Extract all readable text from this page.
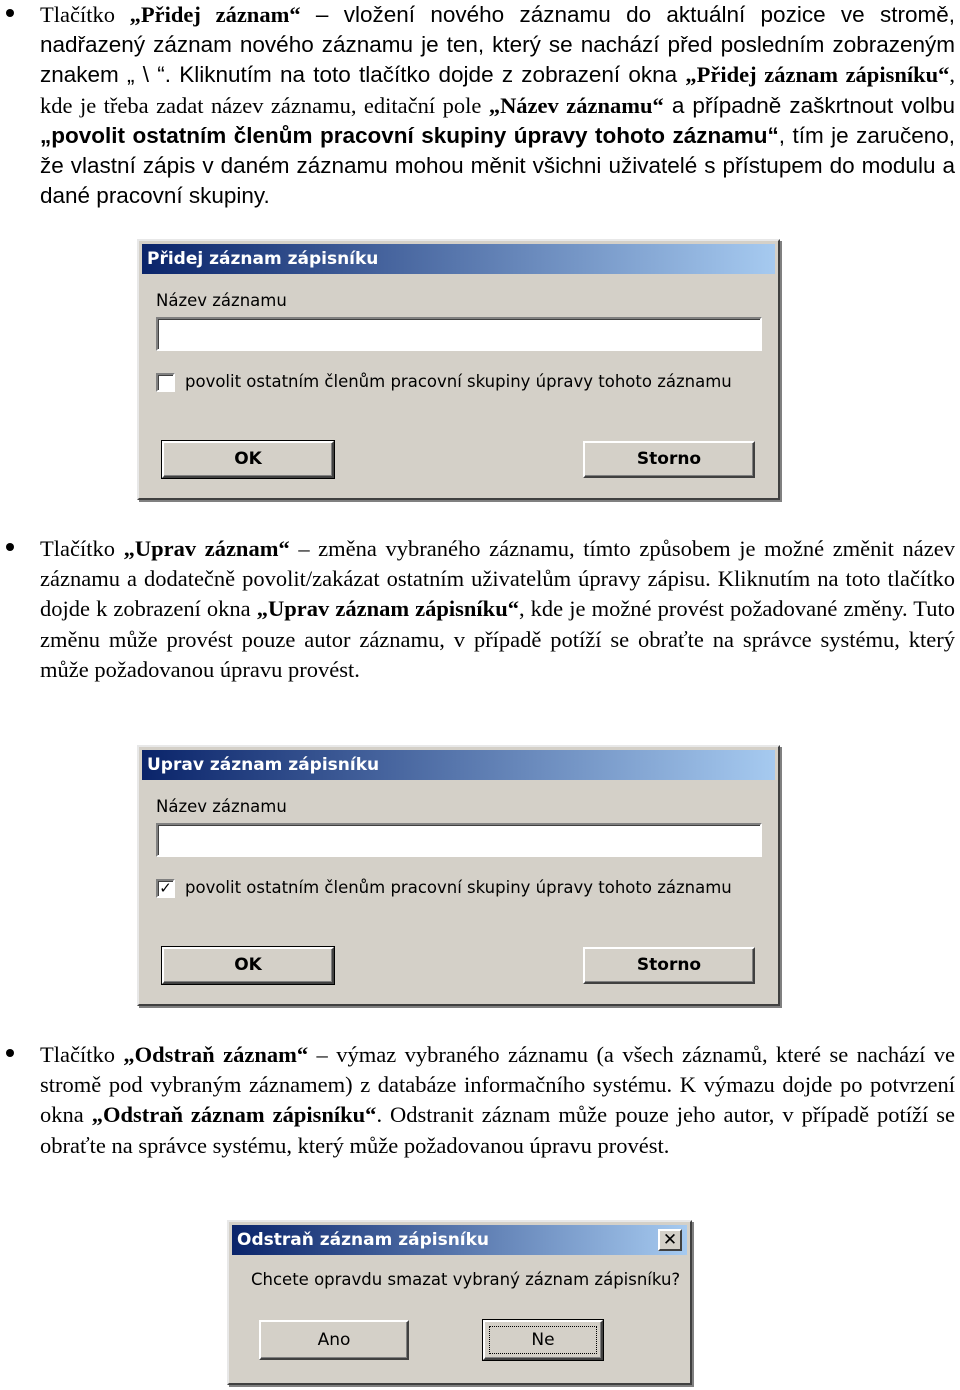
Tlačítko „Přidej záznam“ – vložení nového záznamu do aktuální pozice ve stromě, nadřazený záznam nového záznamu je ten, který se nachází před posledním zobrazeným znakem „ \ “. Kliknutím na toto tlačítko dojde z zobrazení okna „Přidej záznam zápisníku“, kde je třeba zadat název záznamu, editační pole „Název záznamu“ a případně zaškrtnout volbu „povolit ostatním členům pracovní skupiny úpravy tohoto záznamu“, tím je zaručeno, že vlastní zápis v daném záznamu mohou měnit všichni uživatelé s přístupem do modulu a dané pracovní skupiny.
Přidej záznam zápisníku
Název záznamu
povolit ostatním členům pracovní skupiny úpravy tohoto záznamu
OK	Storno
Tlačítko „Uprav záznam“ – změna vybraného záznamu, tímto způsobem je možné změnit název záznamu a dodatečně povolit/zakázat ostatním uživatelům úpravy zápisu. Kliknutím na toto tlačítko dojde k zobrazení okna „Uprav záznam zápisníku“, kde je možné provést požadované změny. Tuto změnu může provést pouze autor záznamu, v případě potíží se obraťte na správce systému, který může požadovanou úpravu provést.
Uprav záznam zápisníku
Název záznamu
✓ povolit ostatním členům pracovní skupiny úpravy tohoto záznamu
OK	Storno
Tlačítko „Odstraň záznam“ – výmaz vybraného záznamu (a všech záznamů, které se nachází ve stromě pod vybraným záznamem) z databáze informačního systému. K výmazu dojde po potvrzení okna „Odstraň záznam zápisníku“. Odstranit záznam může pouze jeho autor, v případě potíží se obraťte na správce systému, který může požadovanou úpravu provést.
Odstraň záznam zápisníku	✕
Chcete opravdu smazat vybraný záznam zápisníku?
Ano	Ne
